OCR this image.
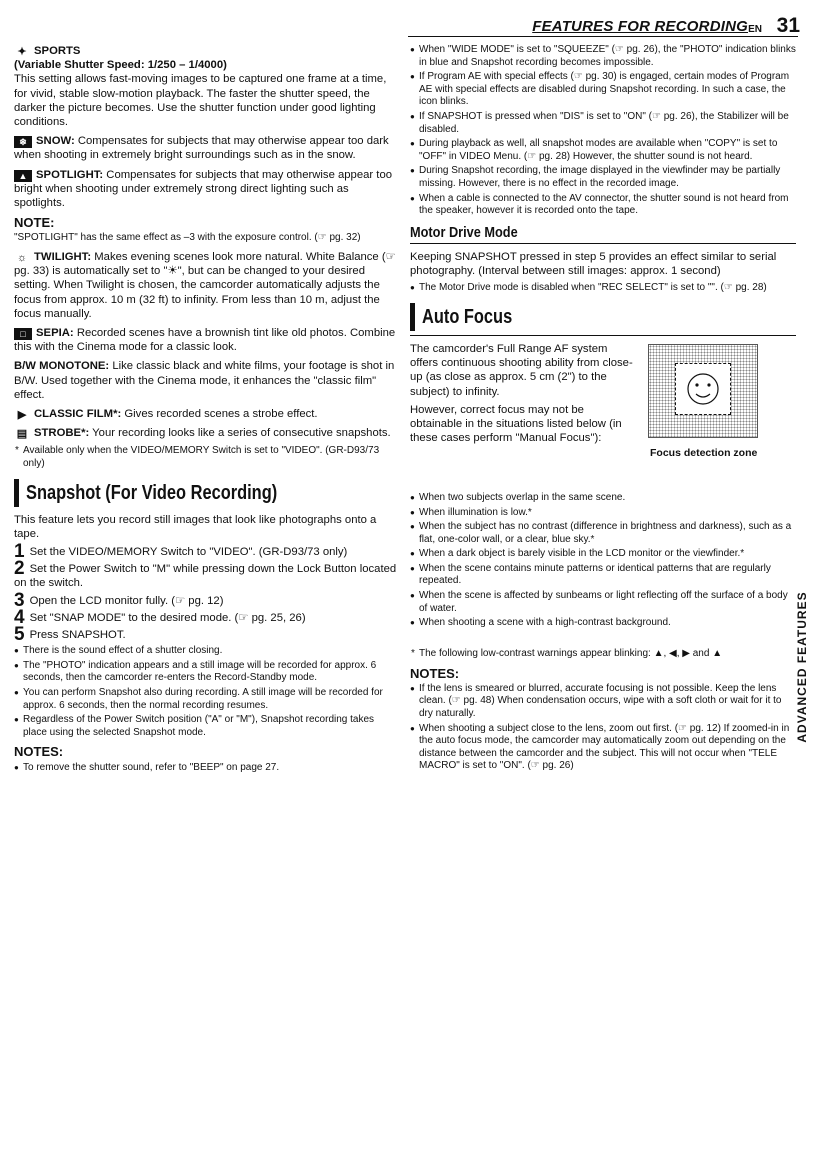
FEATURES FOR RECORDING EN 31
✦ SPORTS
(Variable Shutter Speed: 1/250 – 1/4000)
This setting allows fast-moving images to be captured one frame at a time, for vivid, stable slow-motion playback. The faster the shutter speed, the darker the picture becomes. Use the shutter function under good lighting conditions.
❄ SNOW: Compensates for subjects that may otherwise appear too dark when shooting in extremely bright surroundings such as in the snow.
▲ SPOTLIGHT: Compensates for subjects that may otherwise appear too bright when shooting under extremely strong direct lighting such as spotlights.
NOTE:
"SPOTLIGHT" has the same effect as –3 with the exposure control. (☞ pg. 32)
☼ TWILIGHT: Makes evening scenes look more natural. White Balance (☞ pg. 33) is automatically set to "☀", but can be changed to your desired setting. When Twilight is chosen, the camcorder automatically adjusts the focus from approx. 10 m (32 ft) to infinity. From less than 10 m, adjust the focus manually.
□ SEPIA: Recorded scenes have a brownish tint like old photos. Combine this with the Cinema mode for a classic look.
B/W MONOTONE: Like classic black and white films, your footage is shot in B/W. Used together with the Cinema mode, it enhances the "classic film" effect.
▶ CLASSIC FILM*: Gives recorded scenes a strobe effect.
▤ STROBE*: Your recording looks like a series of consecutive snapshots.
* Available only when the VIDEO/MEMORY Switch is set to "VIDEO". (GR-D93/73 only)
Snapshot (For Video Recording)

This feature lets you record still images that look like photographs onto a tape.

1 Set the VIDEO/MEMORY Switch to "VIDEO". (GR-D93/73 only)
2 Set the Power Switch to "M" while pressing down the Lock Button located on the switch.
3 Open the LCD monitor fully. (☞ pg. 12)
4 Set "SNAP MODE" to the desired mode. (☞ pg. 25, 26)
5 Press SNAPSHOT.
● There is the sound effect of a shutter closing.
● The "PHOTO" indication appears and a still image will be recorded for approx. 6 seconds, then the camcorder re-enters the Record-Standby mode.
● You can perform Snapshot also during recording. A still image will be recorded for approx. 6 seconds, then the normal recording resumes.
● Regardless of the Power Switch position ("A" or "M"), Snapshot recording takes place using the selected Snapshot mode.
NOTES:
● To remove the shutter sound, refer to "BEEP" on page 27.
● When "WIDE MODE" is set to "SQUEEZE" (☞ pg. 26), the "PHOTO" indication blinks in blue and Snapshot recording becomes impossible.
● If Program AE with special effects (☞ pg. 30) is engaged, certain modes of Program AE with special effects are disabled during Snapshot recording. In such a case, the icon blinks.
● If SNAPSHOT is pressed when "DIS" is set to "ON" (☞ pg. 26), the Stabilizer will be disabled.
● During playback as well, all snapshot modes are available when "COPY" is set to "OFF" in VIDEO Menu. (☞ pg. 28) However, the shutter sound is not heard.
● During Snapshot recording, the image displayed in the viewfinder may be partially missing. However, there is no effect in the recorded image.
● When a cable is connected to the AV connector, the shutter sound is not heard from the speaker, however it is recorded onto the tape.
Motor Drive Mode

Keeping SNAPSHOT pressed in step 5 provides an effect similar to serial photography. (Interval between still images: approx. 1 second)

● The Motor Drive mode is disabled when "REC SELECT" is set to "". (☞ pg. 28)
Auto Focus

The camcorder's Full Range AF system offers continuous shooting ability from close-up (as close as approx. 5 cm (2") to the subject) to infinity.

However, correct focus may not be obtainable in the situations listed below (in these cases perform "Manual Focus"):

Focus detection zone
● When two subjects overlap in the same scene.
● When illumination is low.*
● When the subject has no contrast (difference in brightness and darkness), such as a flat, one-color wall, or a clear, blue sky.*
● When a dark object is barely visible in the LCD monitor or the viewfinder.*
● When the scene contains minute patterns or identical patterns that are regularly repeated.
● When the scene is affected by sunbeams or light reflecting off the surface of a body of water.
● When shooting a scene with a high-contrast background.
* The following low-contrast warnings appear blinking: ▲, ◀, ▶ and ▲
NOTES:
● If the lens is smeared or blurred, accurate focusing is not possible. Keep the lens clean. (☞ pg. 48) When condensation occurs, wipe with a soft cloth or wait for it to dry naturally.
● When shooting a subject close to the lens, zoom out first. (☞ pg. 12) If zoomed-in in the auto focus mode, the camcorder may automatically zoom out depending on the distance between the camcorder and the subject. This will not occur when "TELE MACRO" is set to "ON". (☞ pg. 26)
ADVANCED FEATURES
